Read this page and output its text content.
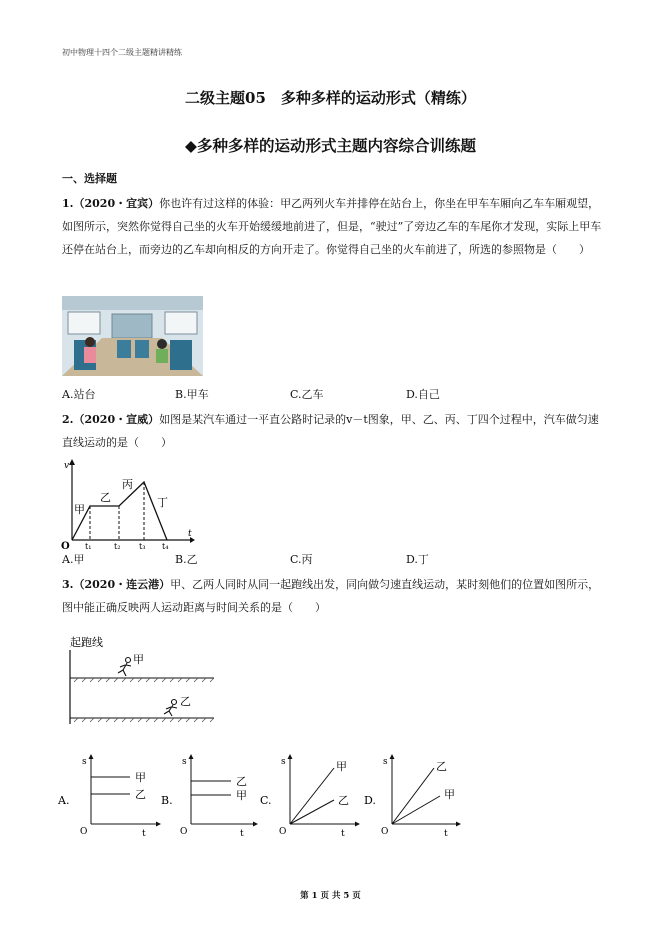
初中物理十四个二级主题精讲精练
二级主题05　多种多样的运动形式（精练）
◆多种多样的运动形式主题内容综合训练题
一、选择题
1.（2020・宜宾）你也许有过这样的体验：甲乙两列火车并排停在站台上，你坐在甲车车厢向乙车车厢观望，如图所示，突然你觉得自己坐的火车开始缓缓地前进了，但是，“驶过”了旁边乙车的车尾你才发现，实际上甲车还停在站台上，而旁边的乙车却向相反的方向开走了。你觉得自己坐的火车前进了，所选的参照物是（　　）
A.站台	B.甲车	C.乙车	D.自己
2.（2020・宣威）如图是某汽车通过一平直公路时记录的v－t图象，甲、乙、丙、丁四个过程中，汽车做匀速直线运动的是（　　）
v
t
O t₁	t₂ t₃ t₄
甲
乙
丙
丁
A.甲	B.乙	C.丙	D.丁
3.（2020・连云港）甲、乙两人同时从同一起跑线出发，同向做匀速直线运动，某时刻他们的位置如图所示，图中能正确反映两人运动距离与时间关系的是（　　）
起跑线
甲
乙
A.
s
t
O
甲
乙 B.
s
t
O
乙
甲 C.
s
t
O
甲
乙 D.
s
t
O
乙
甲
第 1 页 共 5 页
